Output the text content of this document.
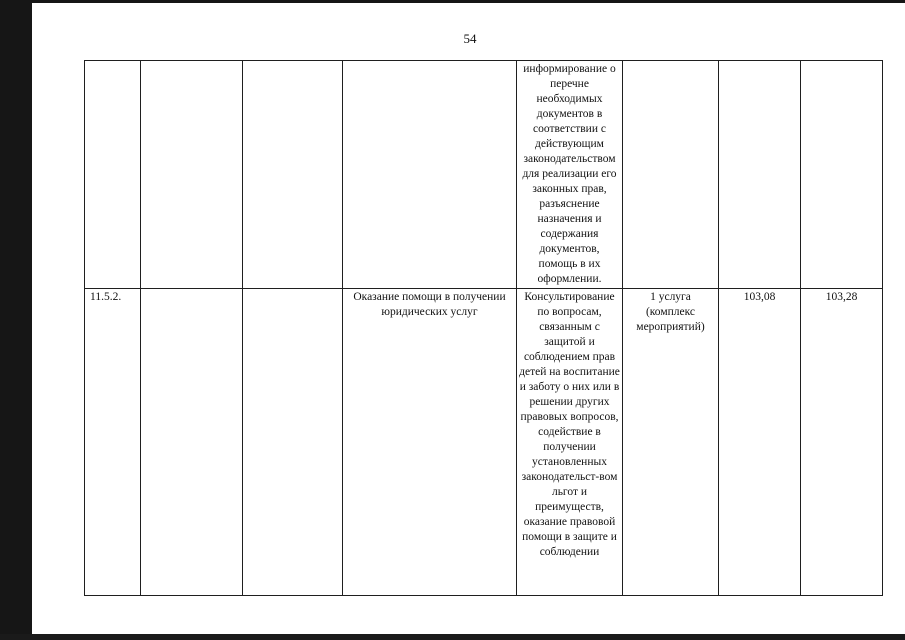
54
				информирование о перечне необходимых документов в соответствии с действующим законодательством для реализации его законных прав, разъяснение назначения и содержания документов, помощь в их оформлении.			
11.5.2.			Оказание помощи в получении юридических услуг	Консультирование по вопросам, связанным с защитой и соблюдением прав детей на воспитание и заботу о них или в решении других правовых вопросов, содействие в получении установленных законодательст-вом льгот и преимуществ, оказание правовой помощи в защите и соблюдении	1 услуга (комплекс мероприятий)	103,08	103,28
